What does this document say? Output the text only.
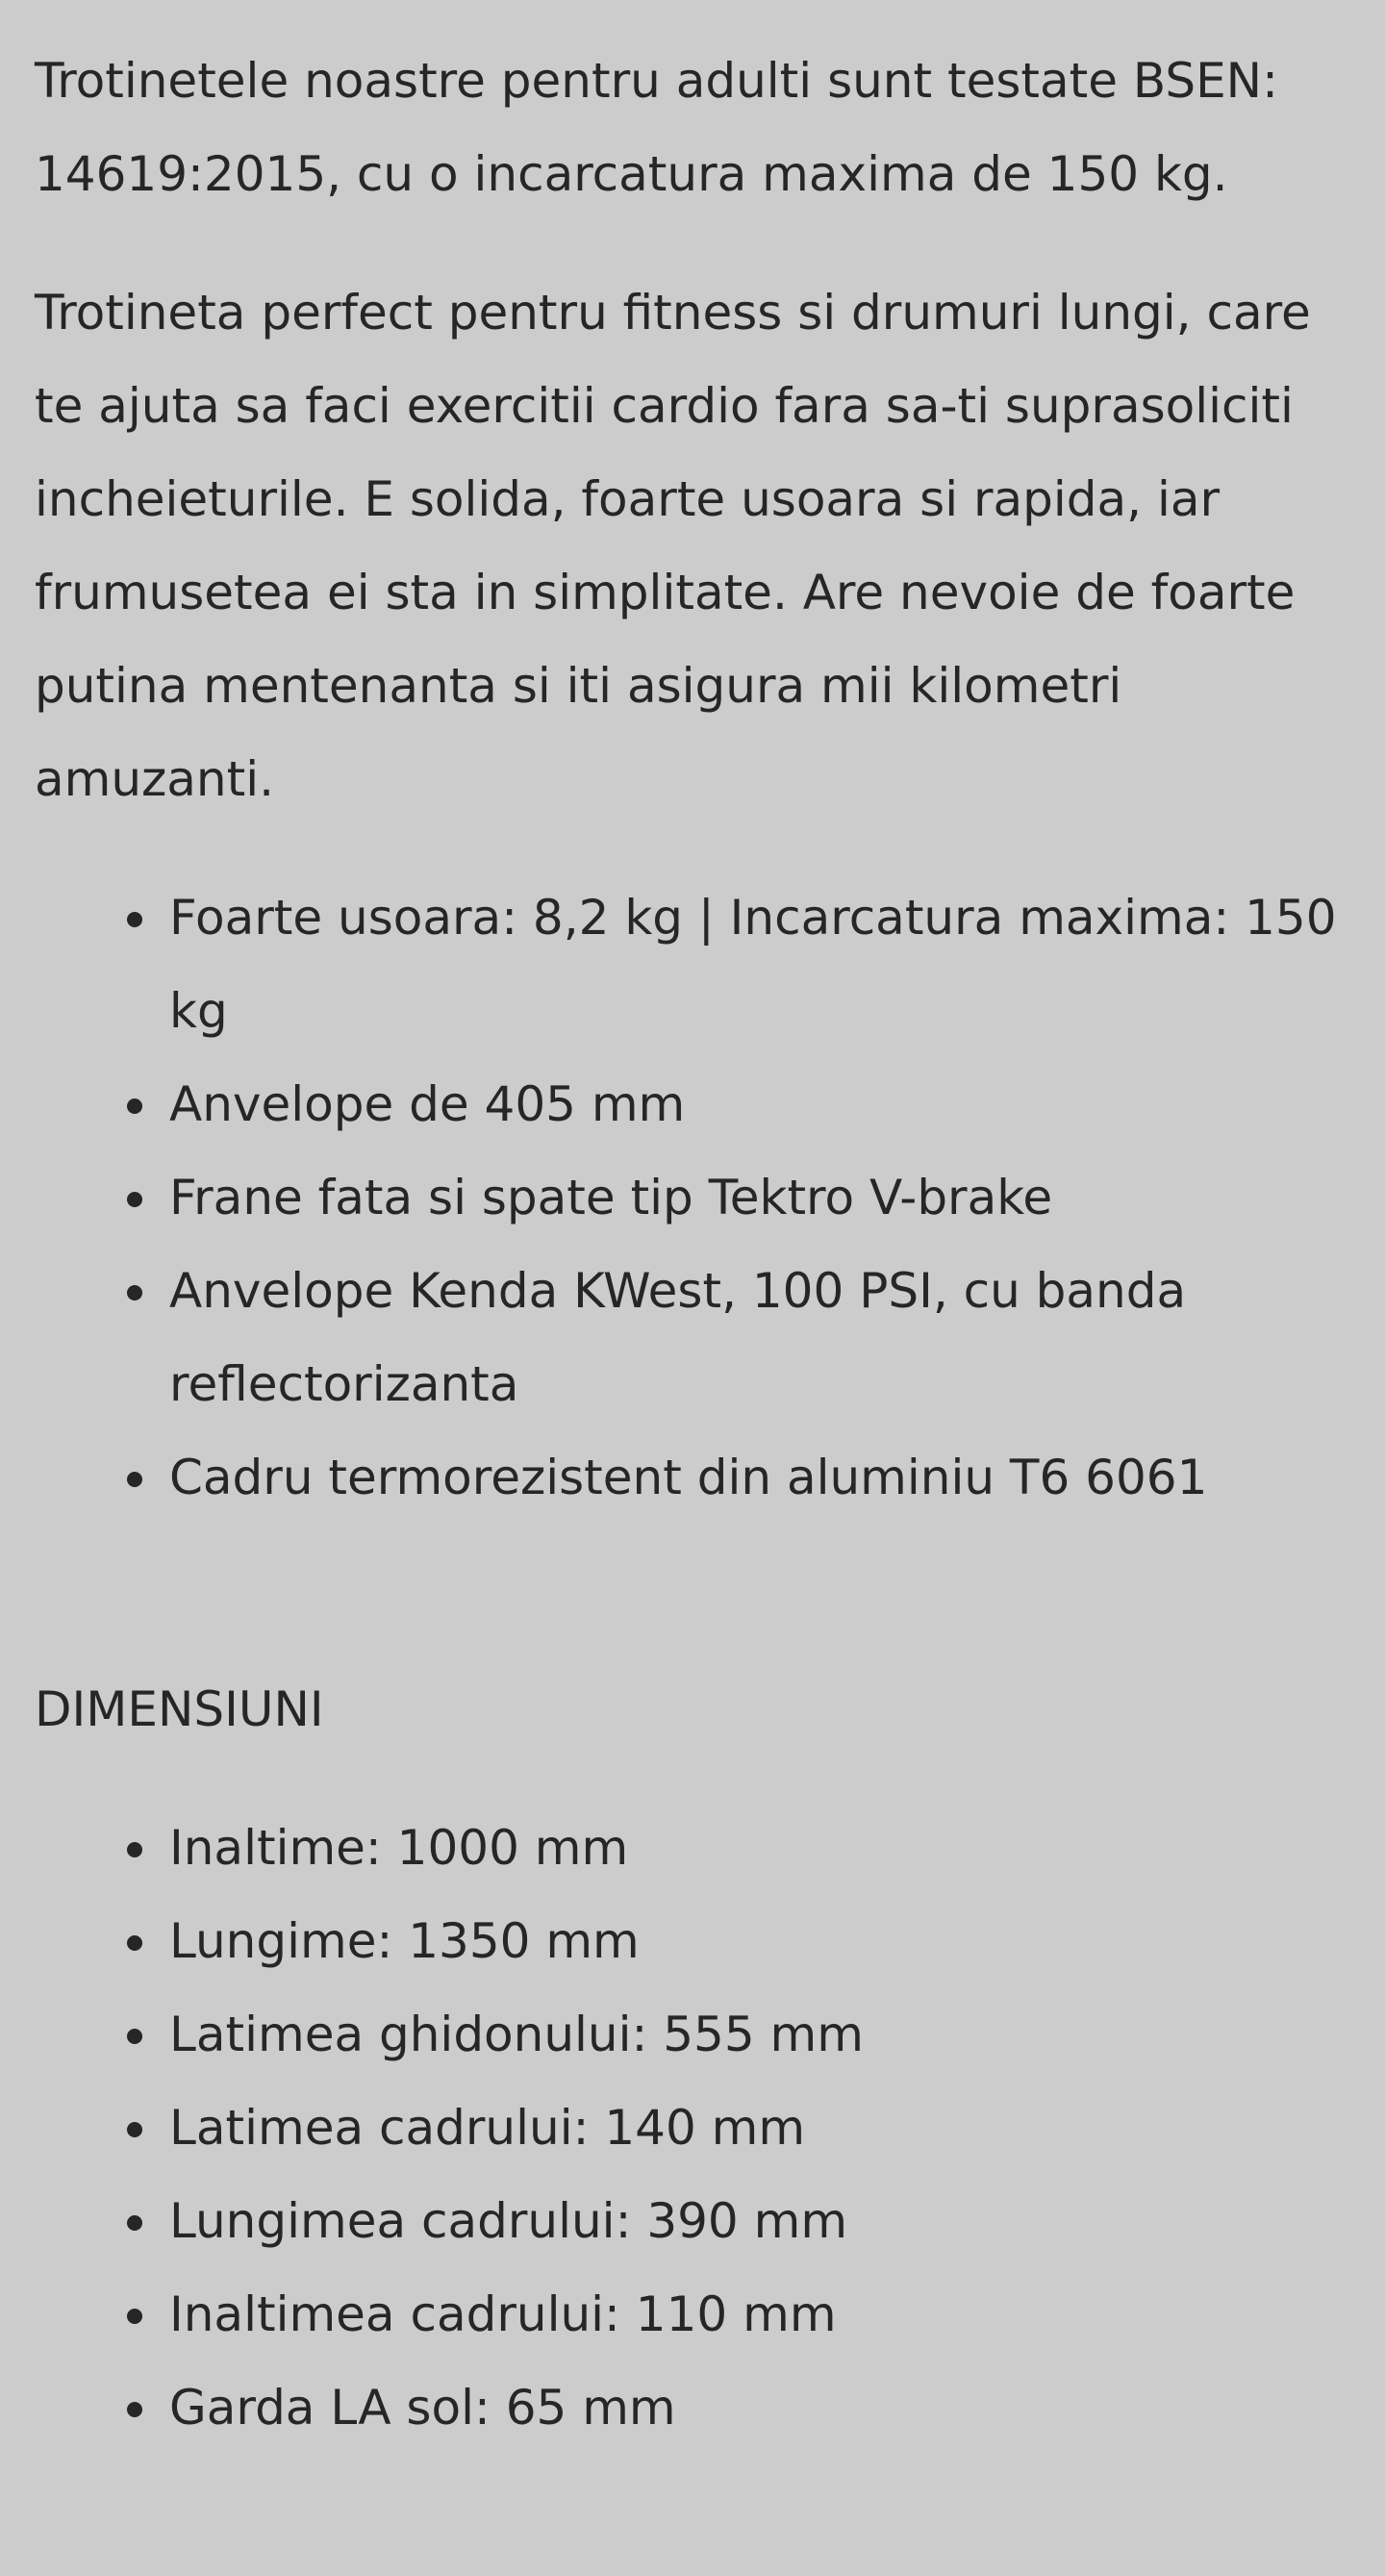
Trotinetele noastre pentru adulti sunt testate BSEN: 14619:2015, cu o incarcatura maxima de 150 kg.

Trotineta perfect pentru fitness si drumuri lungi, care te ajuta sa faci exercitii cardio fara sa-ti suprasoliciti incheieturile. E solida, foarte usoara si rapida, iar frumusetea ei sta in simplitate. Are nevoie de foarte putina mentenanta si iti asigura mii kilometri amuzanti.

Foarte usoara: 8,2 kg | Incarcatura maxima: 150 kg
Anvelope de 405 mm
Frane fata si spate tip Tektro V-brake
Anvelope Kenda KWest, 100 PSI, cu banda reflectorizanta
Cadru termorezistent din aluminiu T6 6061
DIMENSIUNI
Inaltime: 1000 mm
Lungime: 1350 mm
Latimea ghidonului: 555 mm
Latimea cadrului: 140 mm
Lungimea cadrului: 390 mm
Inaltimea cadrului: 110 mm
Garda LA sol: 65 mm
